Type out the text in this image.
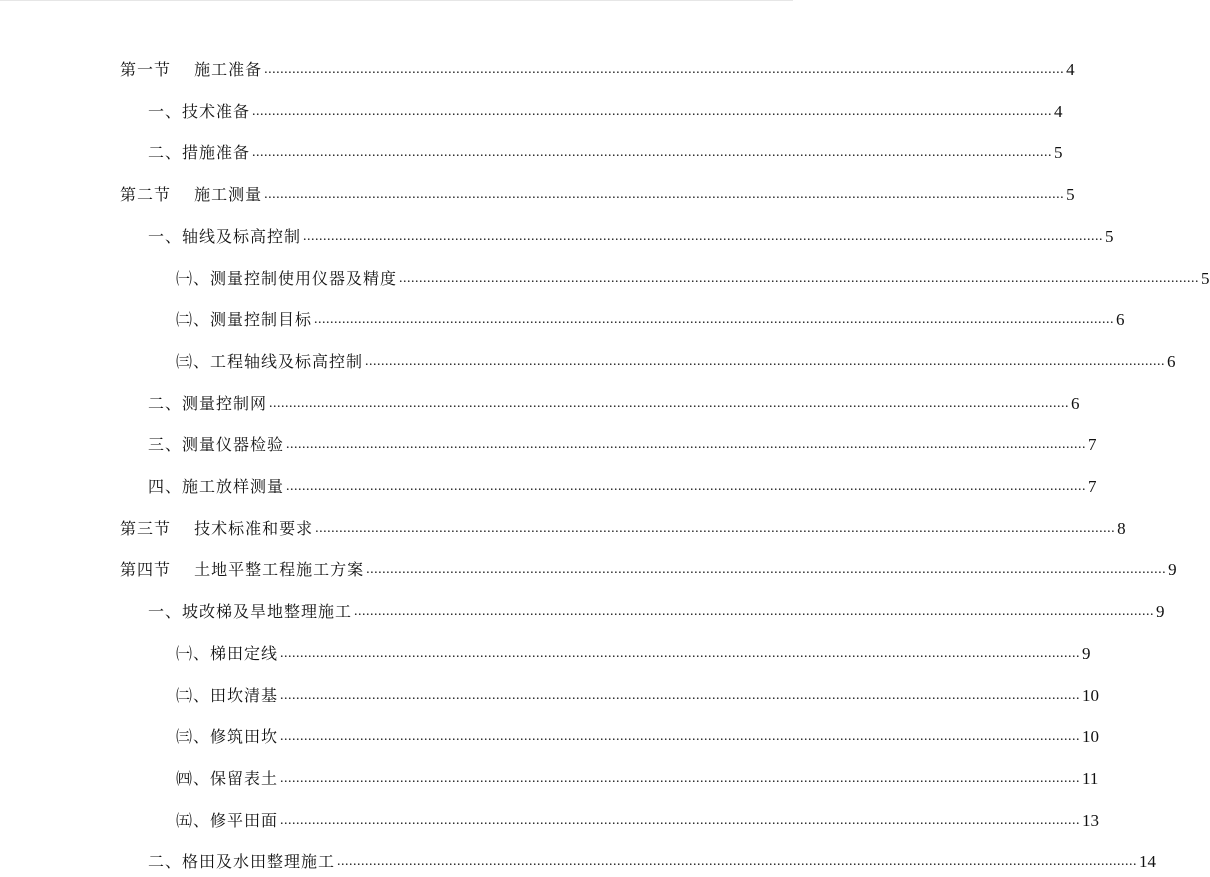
第一节　 施工准备 ........................................................................................................................................................................................................ 4
一、技术准备 ........................................................................................................................................................................................................ 4
二、措施准备 ........................................................................................................................................................................................................ 5
第二节　 施工测量 ........................................................................................................................................................................................................ 5
一、轴线及标高控制 ........................................................................................................................................................................................................ 5
㈠、测量控制使用仪器及精度 ........................................................................................................................................................................................................ 5
㈡、测量控制目标 ........................................................................................................................................................................................................ 6
㈢、工程轴线及标高控制 ........................................................................................................................................................................................................ 6
二、测量控制网 ........................................................................................................................................................................................................ 6
三、测量仪器检验 ........................................................................................................................................................................................................ 7
四、施工放样测量 ........................................................................................................................................................................................................ 7
第三节　 技术标准和要求 ........................................................................................................................................................................................................ 8
第四节　 土地平整工程施工方案 ........................................................................................................................................................................................................ 9
一、坡改梯及旱地整理施工 ........................................................................................................................................................................................................ 9
㈠、梯田定线 ........................................................................................................................................................................................................ 9
㈡、田坎清基 ........................................................................................................................................................................................................ 10
㈢、修筑田坎 ........................................................................................................................................................................................................ 10
㈣、保留表土 ........................................................................................................................................................................................................ 11
㈤、修平田面 ........................................................................................................................................................................................................ 13
二、格田及水田整理施工 ........................................................................................................................................................................................................ 14
